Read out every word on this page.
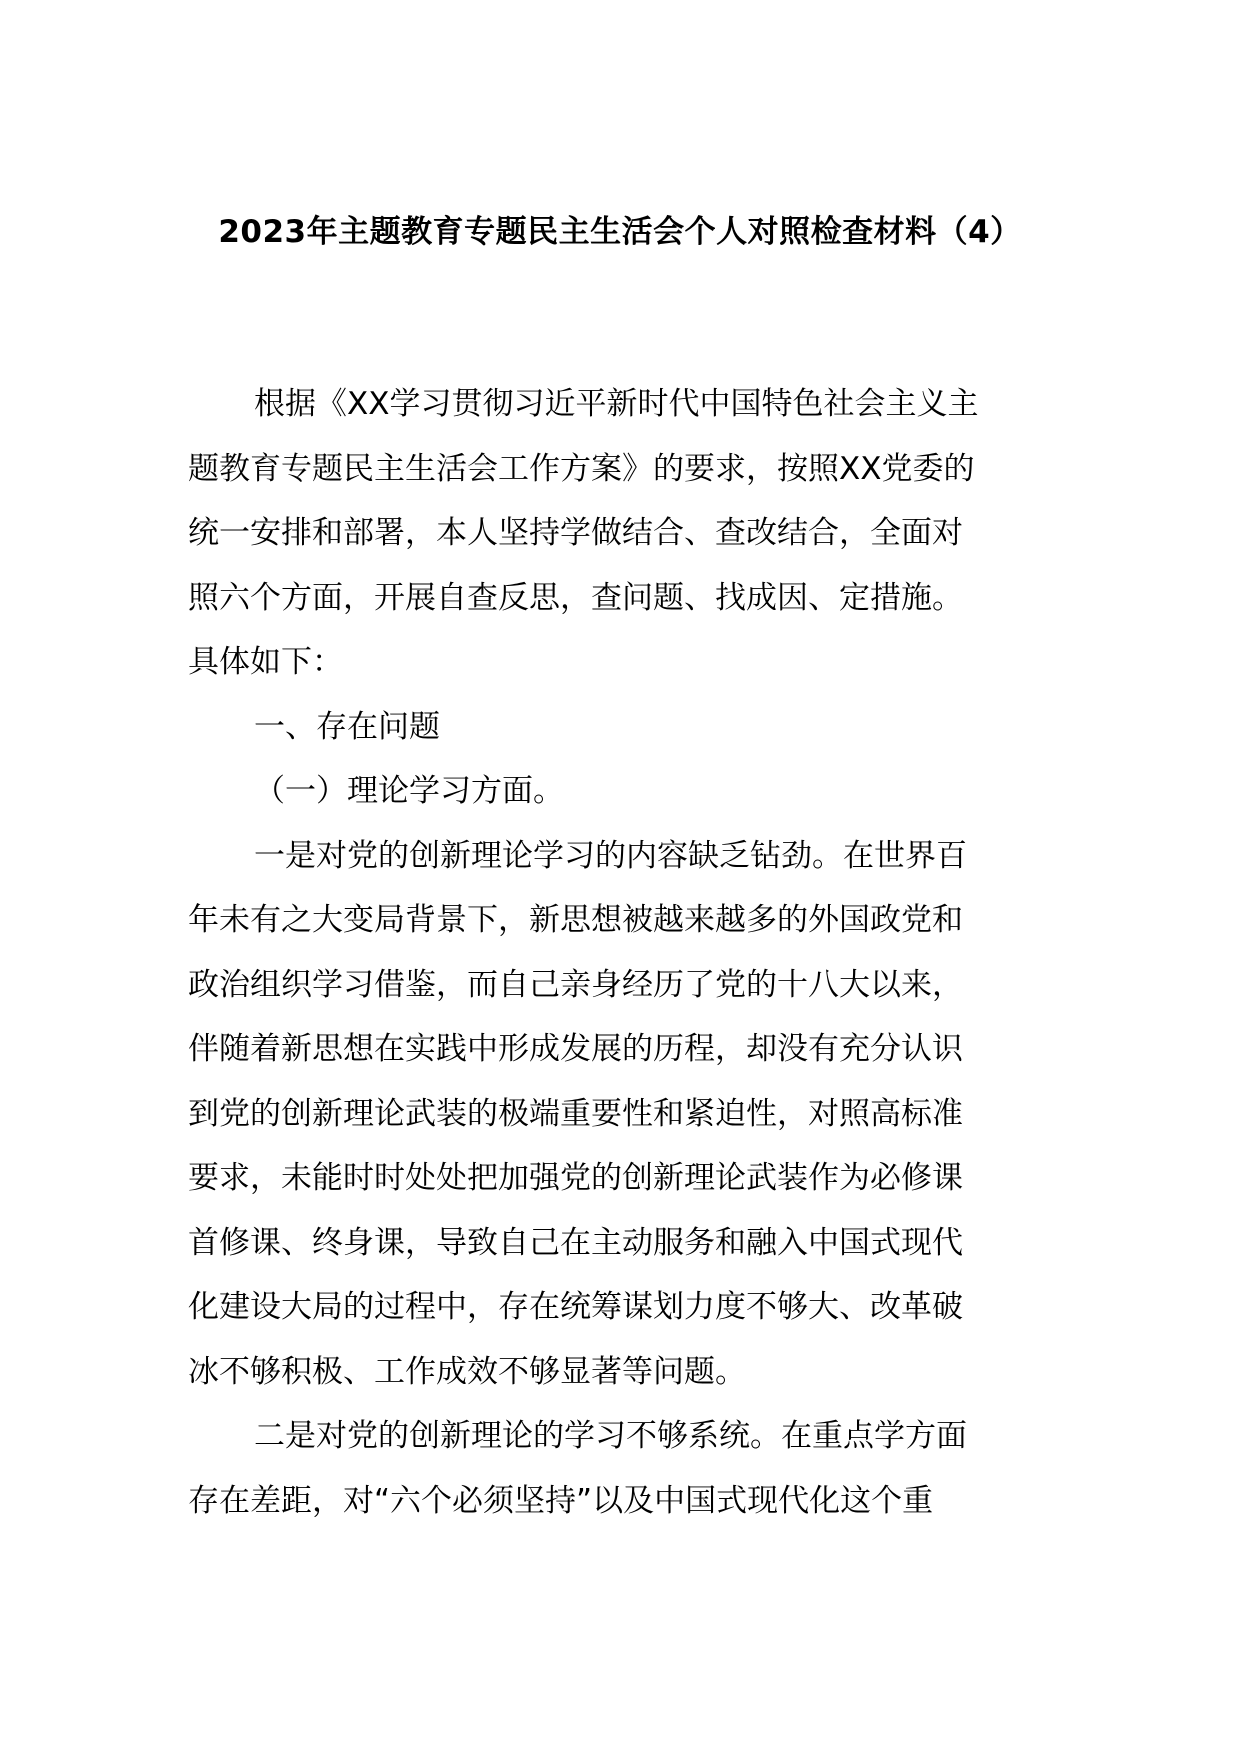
2023年主题教育专题民主生活会个人对照检查材料（4）
根据《XX学习贯彻习近平新时代中国特色社会主义主
题教育专题民主生活会工作方案》的要求，按照XX党委的
统一安排和部署，本人坚持学做结合、查改结合，全面对
照六个方面，开展自查反思，查问题、找成因、定措施。
具体如下：
一、存在问题
（一）理论学习方面。
一是对党的创新理论学习的内容缺乏钻劲。在世界百
年未有之大变局背景下，新思想被越来越多的外国政党和
政治组织学习借鉴，而自己亲身经历了党的十八大以来，
伴随着新思想在实践中形成发展的历程，却没有充分认识
到党的创新理论武装的极端重要性和紧迫性，对照高标准
要求，未能时时处处把加强党的创新理论武装作为必修课
首修课、终身课，导致自己在主动服务和融入中国式现代
化建设大局的过程中，存在统筹谋划力度不够大、改革破
冰不够积极、工作成效不够显著等问题。
二是对党的创新理论的学习不够系统。在重点学方面
存在差距，对“六个必须坚持”以及中国式现代化这个重
